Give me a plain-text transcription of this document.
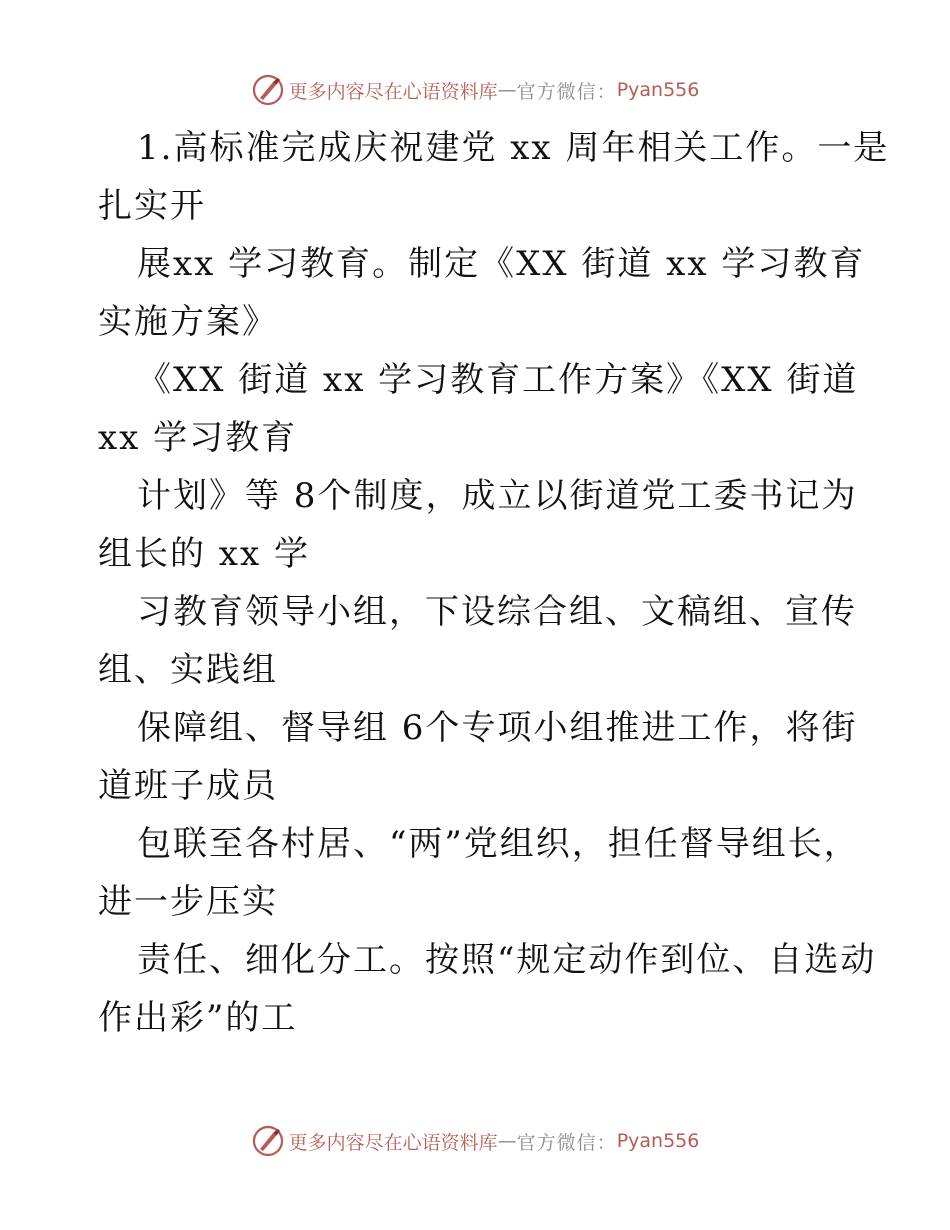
更多内容尽在心语资料库 — 官方微信： Pyan556
1.高标准完成庆祝建党 xx 周年相关工作。一是
扎实开
展xx 学习教育。制定《XX 街道 xx 学习教育
实施方案》
《XX 街道 xx 学习教育工作方案》《XX 街道
xx 学习教育
计划》等 8个制度，成立以街道党工委书记为
组长的 xx 学
习教育领导小组，下设综合组、文稿组、宣传
组、实践组
保障组、督导组 6个专项小组推进工作，将街
道班子成员
包联至各村居、“两”党组织，担任督导组长，
进一步压实
责任、细化分工。按照“规定动作到位、自选动
作出彩”的工
更多内容尽在心语资料库 — 官方微信： Pyan556
